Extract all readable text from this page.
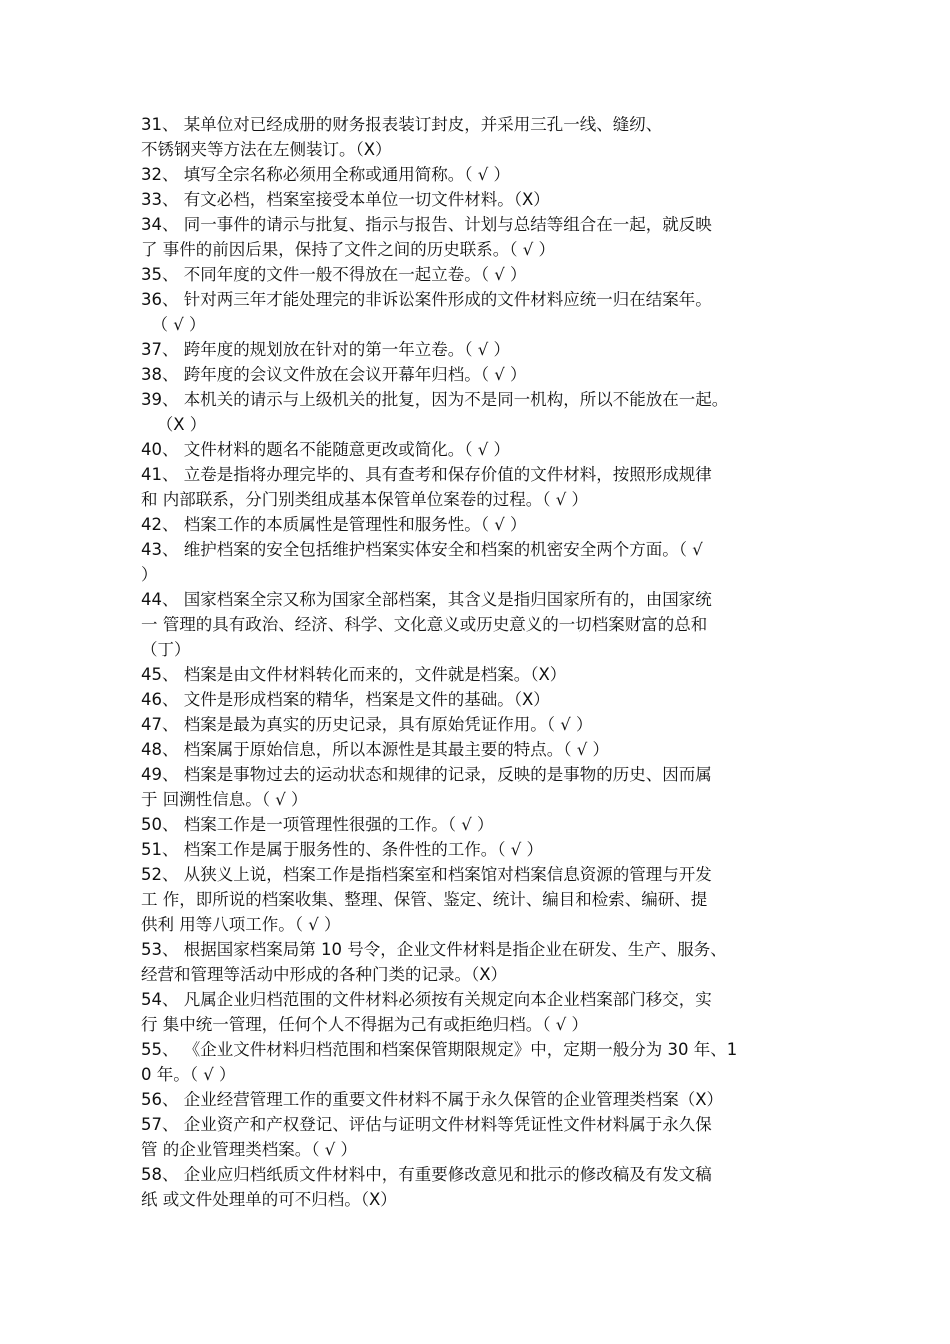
31、 某单位对已经成册的财务报表装订封皮，并采用三孔一线、缝纫、
不锈钢夹等方法在左侧装订。（X）
32、 填写全宗名称必须用全称或通用简称。（ √ ）
33、 有文必档，档案室接受本单位一切文件材料。（X）
34、 同一事件的请示与批复、指示与报告、计划与总结等组合在一起，就反映
了 事件的前因后果，保持了文件之间的历史联系。（ √ ）
35、 不同年度的文件一般不得放在一起立卷。（ √ ）
36、 针对两三年才能处理完的非诉讼案件形成的文件材料应统一归在结案年。
（ √ ）
37、 跨年度的规划放在针对的第一年立卷。（ √ ）
38、 跨年度的会议文件放在会议开幕年归档。（ √ ）
39、 本机关的请示与上级机关的批复，因为不是同一机构，所以不能放在一起。
（X ）
40、 文件材料的题名不能随意更改或简化。（ √ ）
41、 立卷是指将办理完毕的、具有查考和保存价值的文件材料，按照形成规律
和 内部联系，分门别类组成基本保管单位案卷的过程。（ √ ）
42、 档案工作的本质属性是管理性和服务性。（ √ ）
43、 维护档案的安全包括维护档案实体安全和档案的机密安全两个方面。（ √
）
44、 国家档案全宗又称为国家全部档案，其含义是指归国家所有的，由国家统
一 管理的具有政治、经济、科学、文化意义或历史意义的一切档案财富的总和
（丁）
45、 档案是由文件材料转化而来的，文件就是档案。（X）
46、 文件是形成档案的精华，档案是文件的基础。（X）
47、 档案是最为真实的历史记录，具有原始凭证作用。（ √ ）
48、 档案属于原始信息，所以本源性是其最主要的特点。（ √ ）
49、 档案是事物过去的运动状态和规律的记录，反映的是事物的历史、因而属
于 回溯性信息。（ √ ）
50、 档案工作是一项管理性很强的工作。（ √ ）
51、 档案工作是属于服务性的、条件性的工作。（ √ ）
52、 从狭义上说，档案工作是指档案室和档案馆对档案信息资源的管理与开发
工 作，即所说的档案收集、整理、保管、鉴定、统计、编目和检索、编研、提
供利 用等八项工作。（ √ ）
53、 根据国家档案局第 10 号令，企业文件材料是指企业在研发、生产、服务、
经营和管理等活动中形成的各种门类的记录。（X）
54、 凡属企业归档范围的文件材料必须按有关规定向本企业档案部门移交，实
行 集中统一管理，任何个人不得据为己有或拒绝归档。（ √ ）
55、 《企业文件材料归档范围和档案保管期限规定》中，定期一般分为 30 年、1
0 年。（ √ ）
56、 企业经营管理工作的重要文件材料不属于永久保管的企业管理类档案（X）
57、 企业资产和产权登记、评估与证明文件材料等凭证性文件材料属于永久保
管 的企业管理类档案。（ √ ）
58、 企业应归档纸质文件材料中，有重要修改意见和批示的修改稿及有发文稿
纸 或文件处理单的可不归档。（X）
